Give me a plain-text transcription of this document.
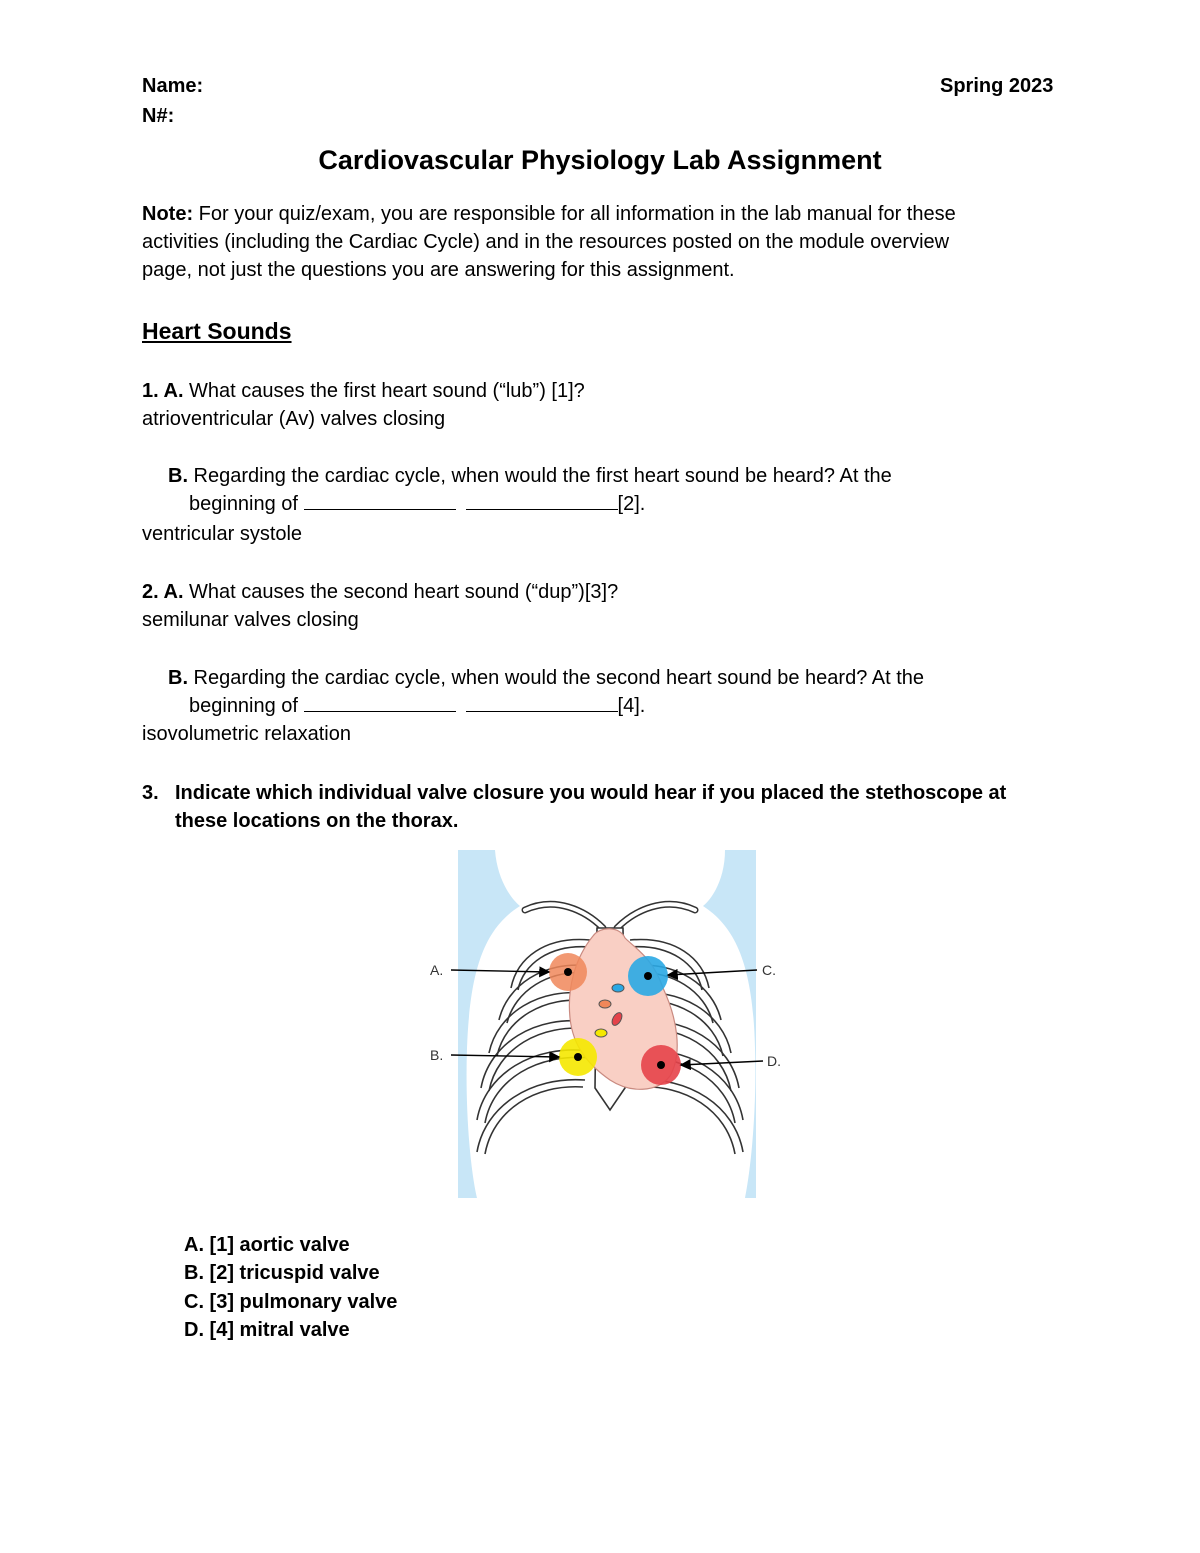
Name:	Spring 2023
N#:
Cardiovascular Physiology Lab Assignment
Note: For your quiz/exam, you are responsible for all information in the lab manual for these
activities (including the Cardiac Cycle) and in the resources posted on the module overview
page, not just the questions you are answering for this assignment.
Heart Sounds
1. A. What causes the first heart sound (“lub”) [1]?
atrioventricular (Av) valves closing
B. Regarding the cardiac cycle, when would the first heart sound be heard? At the
beginning of	[2].
ventricular systole
2. A. What causes the second heart sound (“dup”)[3]?
semilunar valves closing
B. Regarding the cardiac cycle, when would the second heart sound be heard? At the
beginning of	[4].
isovolumetric relaxation
3. Indicate which individual valve closure you would hear if you placed the stethoscope at
these locations on the thorax.
A.
B.
C.
D.
A. [1] aortic valve
B. [2] tricuspid valve
C. [3] pulmonary valve
D. [4] mitral valve
